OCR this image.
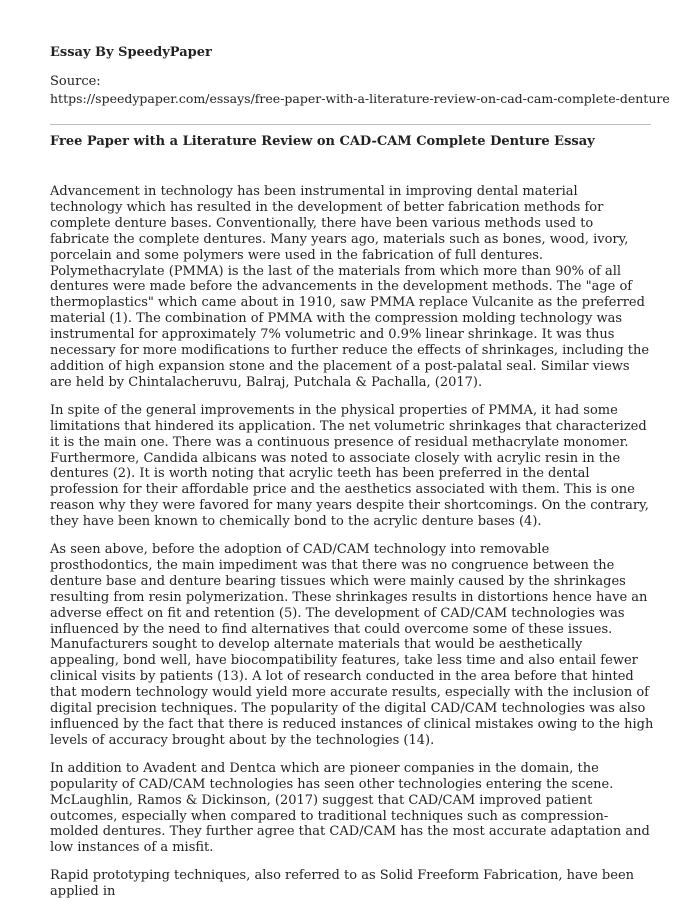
Essay By SpeedyPaper
Source:
https://speedypaper.com/essays/free-paper-with-a-literature-review-on-cad-cam-complete-denture
Free Paper with a Literature Review on CAD-CAM Complete Denture Essay

Advancement in technology has been instrumental in improving dental material technology which has resulted in the development of better fabrication methods for complete denture bases. Conventionally, there have been various methods used to fabricate the complete dentures. Many years ago, materials such as bones, wood, ivory, porcelain and some polymers were used in the fabrication of full dentures. Polymethacrylate (PMMA) is the last of the materials from which more than 90% of all dentures were made before the advancements in the development methods. The "age of thermoplastics" which came about in 1910, saw PMMA replace Vulcanite as the preferred material (1). The combination of PMMA with the compression molding technology was instrumental for approximately 7% volumetric and 0.9% linear shrinkage. It was thus necessary for more modifications to further reduce the effects of shrinkages, including the addition of high expansion stone and the placement of a post-palatal seal. Similar views are held by Chintalacheruvu, Balraj, Putchala & Pachalla, (2017).

In spite of the general improvements in the physical properties of PMMA, it had some limitations that hindered its application. The net volumetric shrinkages that characterized it is the main one. There was a continuous presence of residual methacrylate monomer. Furthermore, Candida albicans was noted to associate closely with acrylic resin in the dentures (2). It is worth noting that acrylic teeth has been preferred in the dental profession for their affordable price and the aesthetics associated with them. This is one reason why they were favored for many years despite their shortcomings. On the contrary, they have been known to chemically bond to the acrylic denture bases (4).

As seen above, before the adoption of CAD/CAM technology into removable prosthodontics, the main impediment was that there was no congruence between the denture base and denture bearing tissues which were mainly caused by the shrinkages resulting from resin polymerization. These shrinkages results in distortions hence have an adverse effect on fit and retention (5). The development of CAD/CAM technologies was influenced by the need to find alternatives that could overcome some of these issues. Manufacturers sought to develop alternate materials that would be aesthetically appealing, bond well, have biocompatibility features, take less time and also entail fewer clinical visits by patients (13). A lot of research conducted in the area before that hinted that modern technology would yield more accurate results, especially with the inclusion of digital precision techniques. The popularity of the digital CAD/CAM technologies was also influenced by the fact that there is reduced instances of clinical mistakes owing to the high levels of accuracy brought about by the technologies (14).

In addition to Avadent and Dentca which are pioneer companies in the domain, the popularity of CAD/CAM technologies has seen other technologies entering the scene. McLaughlin, Ramos & Dickinson, (2017) suggest that CAD/CAM improved patient outcomes, especially when compared to traditional techniques such as compression-molded dentures. They further agree that CAD/CAM has the most accurate adaptation and low instances of a misfit.

Rapid prototyping techniques, also referred to as Solid Freeform Fabrication, have been applied in
